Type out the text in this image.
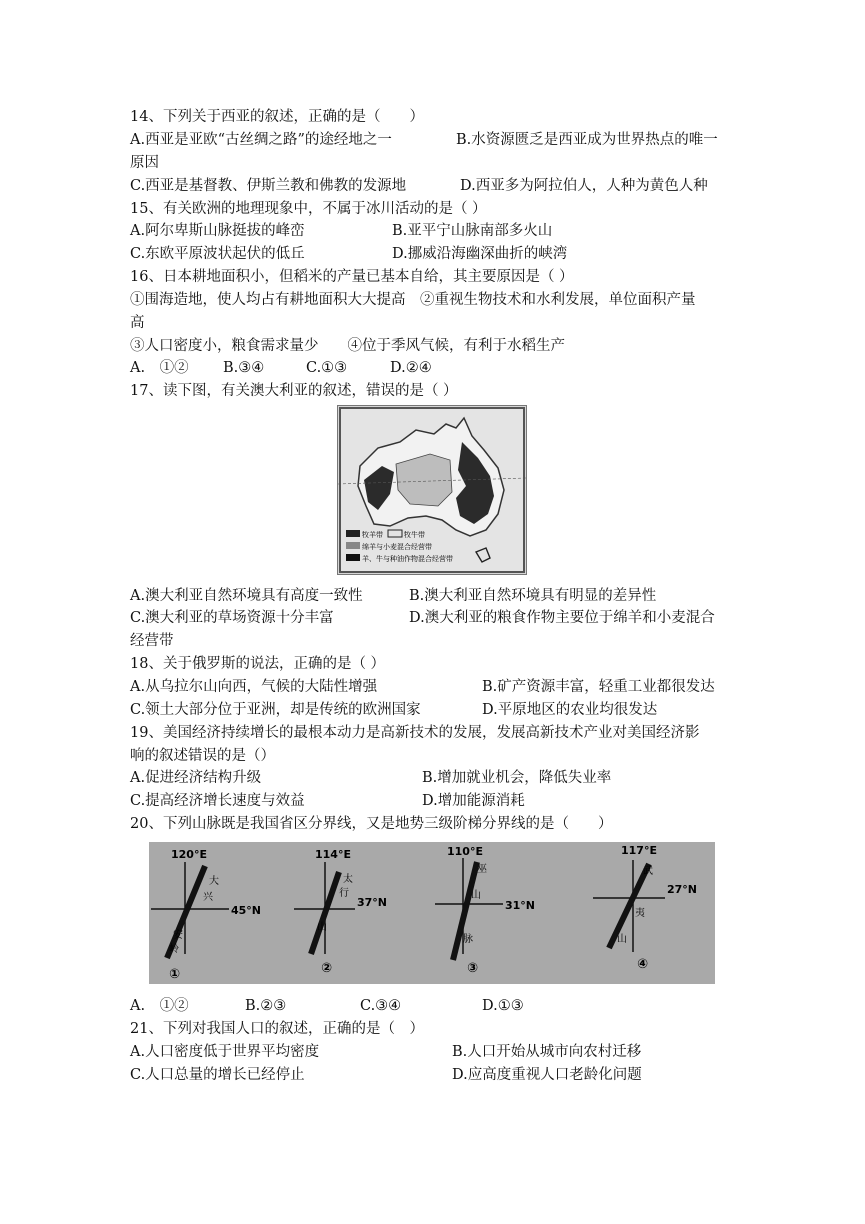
14、下列关于西亚的叙述，正确的是（　　）
A.西亚是亚欧“古丝绸之路”的途经地之一	B.水资源匮乏是西亚成为世界热点的唯一
原因
C.西亚是基督教、伊斯兰教和佛教的发源地	D.西亚多为阿拉伯人，人种为黄色人种
15、有关欧洲的地理现象中，不属于冰川活动的是（ ）
A.阿尔卑斯山脉挺拔的峰峦	B.亚平宁山脉南部多火山
C.东欧平原波状起伏的低丘	D.挪威沿海幽深曲折的峡湾
16、日本耕地面积小，但稻米的产量已基本自给，其主要原因是（ ）
①围海造地，使人均占有耕地面积大大提高　②重视生物技术和水利发展，单位面积产量
高
③人口密度小，粮食需求量少　　④位于季风气候，有利于水稻生产
A.　①② B.③④	C.①③	D.②④
17、读下图，有关澳大利亚的叙述，错误的是（ ）
牧羊带	牧牛带
绵羊与小麦混合经营带
羊、牛与种油作物混合经营带
A.澳大利亚自然环境具有高度一致性	B.澳大利亚自然环境具有明显的差异性
C.澳大利亚的草场资源十分丰富	D.澳大利亚的粮食作物主要位于绵羊和小麦混合
经营带
18、关于俄罗斯的说法，正确的是（ ）
A.从乌拉尔山向西，气候的大陆性增强	B.矿产资源丰富，轻重工业都很发达
C.领土大部分位于亚洲，却是传统的欧洲国家	D.平原地区的农业均很发达
19、美国经济持续增长的最根本动力是高新技术的发展，发展高新技术产业对美国经济影
响的叙述错误的是（）
A.促进经济结构升级	B.增加就业机会，降低失业率
C.提高经济增长速度与效益	D.增加能源消耗
20、下列山脉既是我国省区分界线，又是地势三级阶梯分界线的是（　　）
120°E
45°N
大
兴
安
岭
①
114°E
37°N
太
行
山
②
110°E
31°N
巫
山
脉
③
117°E
27°N
武
夷
山
④
A.　①②	B.②③	C.③④	D.①③
21、下列对我国人口的叙述，正确的是（　）
A.人口密度低于世界平均密度	B.人口开始从城市向农村迁移
C.人口总量的增长已经停止	D.应高度重视人口老龄化问题
